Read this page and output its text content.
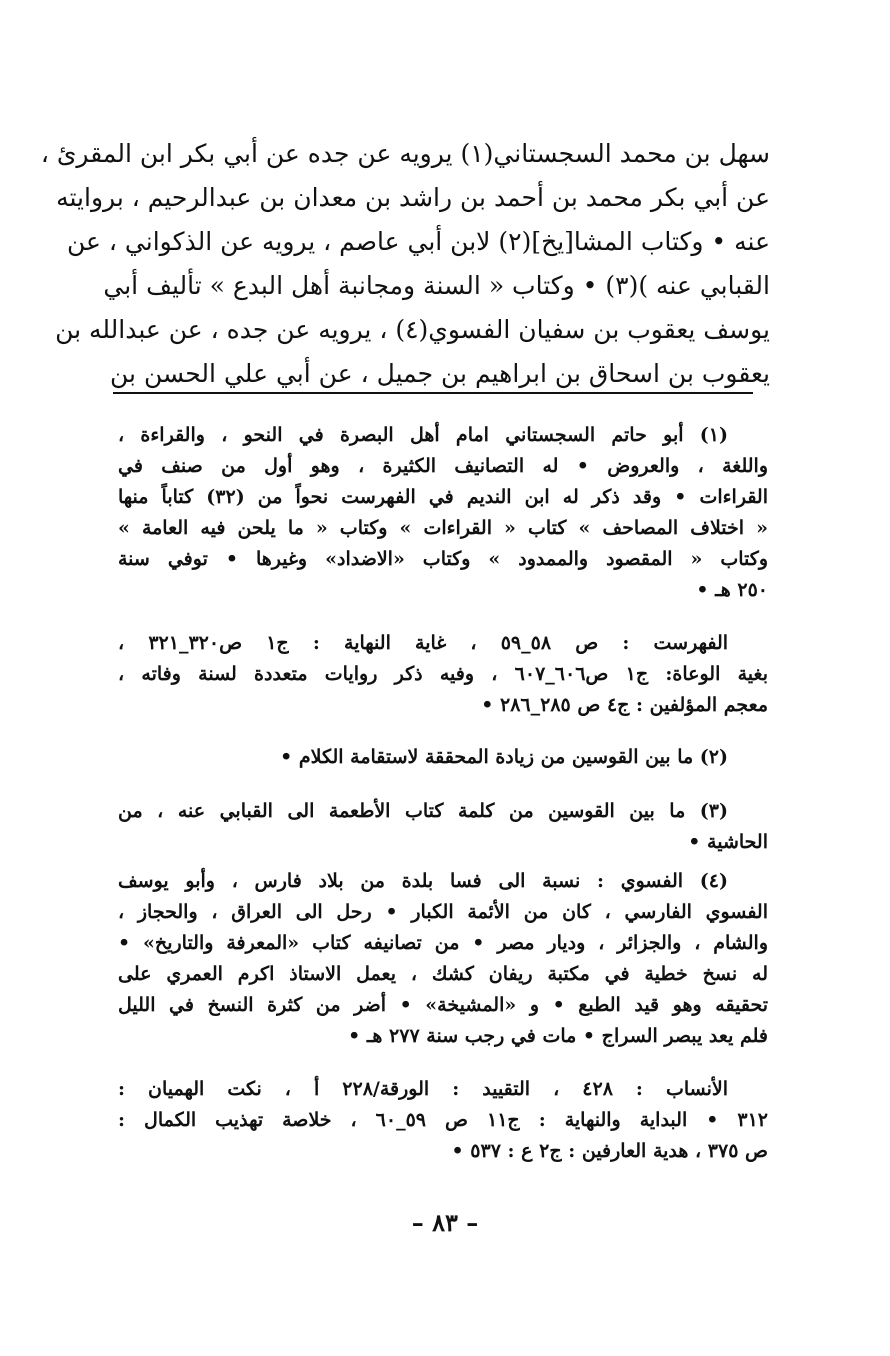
سهل بن محمد السجستاني(١) يرويه عن جده عن أبي بكر ابن المقرئ ،
عن أبي بكر محمد بن أحمد بن راشد بن معدان بن عبدالرحيم ، بروايته
عنه • وكتاب المشا[يخ](٢) لابن أبي عاصم ، يرويه عن الذكواني ، عن
القبابي عنه )(٣) • وكتاب « السنة ومجانبة أهل البدع » تأليف أبي
يوسف يعقوب بن سفيان الفسوي(٤) ، يرويه عن جده ، عن عبدالله بن
يعقوب بن اسحاق بن ابراهيم بن جميل ، عن أبي علي الحسن بن
(١) أبو حاتم السجستاني امام أهل البصرة في النحو ، والقراءة ،
واللغة ، والعروض • له التصانيف الكثيرة ، وهو أول من صنف في
القراءات • وقد ذكر له ابن النديم في الفهرست نحواً من (٣٢) كتاباً منها
« اختلاف المصاحف » كتاب « القراءات » وكتاب « ما يلحن فيه العامة »
وكتاب « المقصود والممدود » وكتاب «الاضداد» وغيرها • توفي سنة
٢٥٠ هـ •
الفهرست : ص ٥٨_٥٩ ، غاية النهاية : ج١ ص٣٢٠_٣٢١ ،
بغية الوعاة: ج١ ص٦٠٦_٦٠٧ ، وفيه ذكر روايات متعددة لسنة وفاته ،
معجم المؤلفين : ج٤ ص ٢٨٥_٢٨٦ •
(٢) ما بين القوسين من زيادة المحققة لاستقامة الكلام •
(٣) ما بين القوسين من كلمة كتاب الأطعمة الى القبابي عنه ، من
الحاشية •
(٤) الفسوي : نسبة الى فسا بلدة من بلاد فارس ، وأبو يوسف
الفسوي الفارسي ، كان من الأئمة الكبار • رحل الى العراق ، والحجاز ،
والشام ، والجزائر ، وديار مصر • من تصانيفه كتاب «المعرفة والتاريخ» •
له نسخ خطية في مكتبة ريفان كشك ، يعمل الاستاذ اكرم العمري على
تحقيقه وهو قيد الطبع • و «المشيخة» • أضر من كثرة النسخ في الليل
فلم يعد يبصر السراج • مات في رجب سنة ٢٧٧ هـ •
الأنساب : ٤٢٨ ، التقييد : الورقة/٢٢٨ أ ، نكت الهميان :
٣١٢ • البداية والنهاية : ج١١ ص ٥٩_٦٠ ، خلاصة تهذيب الكمال :
ص ٣٧٥ ، هدية العارفين : ج٢ ع : ٥٣٧ •
– ٨٣ –
